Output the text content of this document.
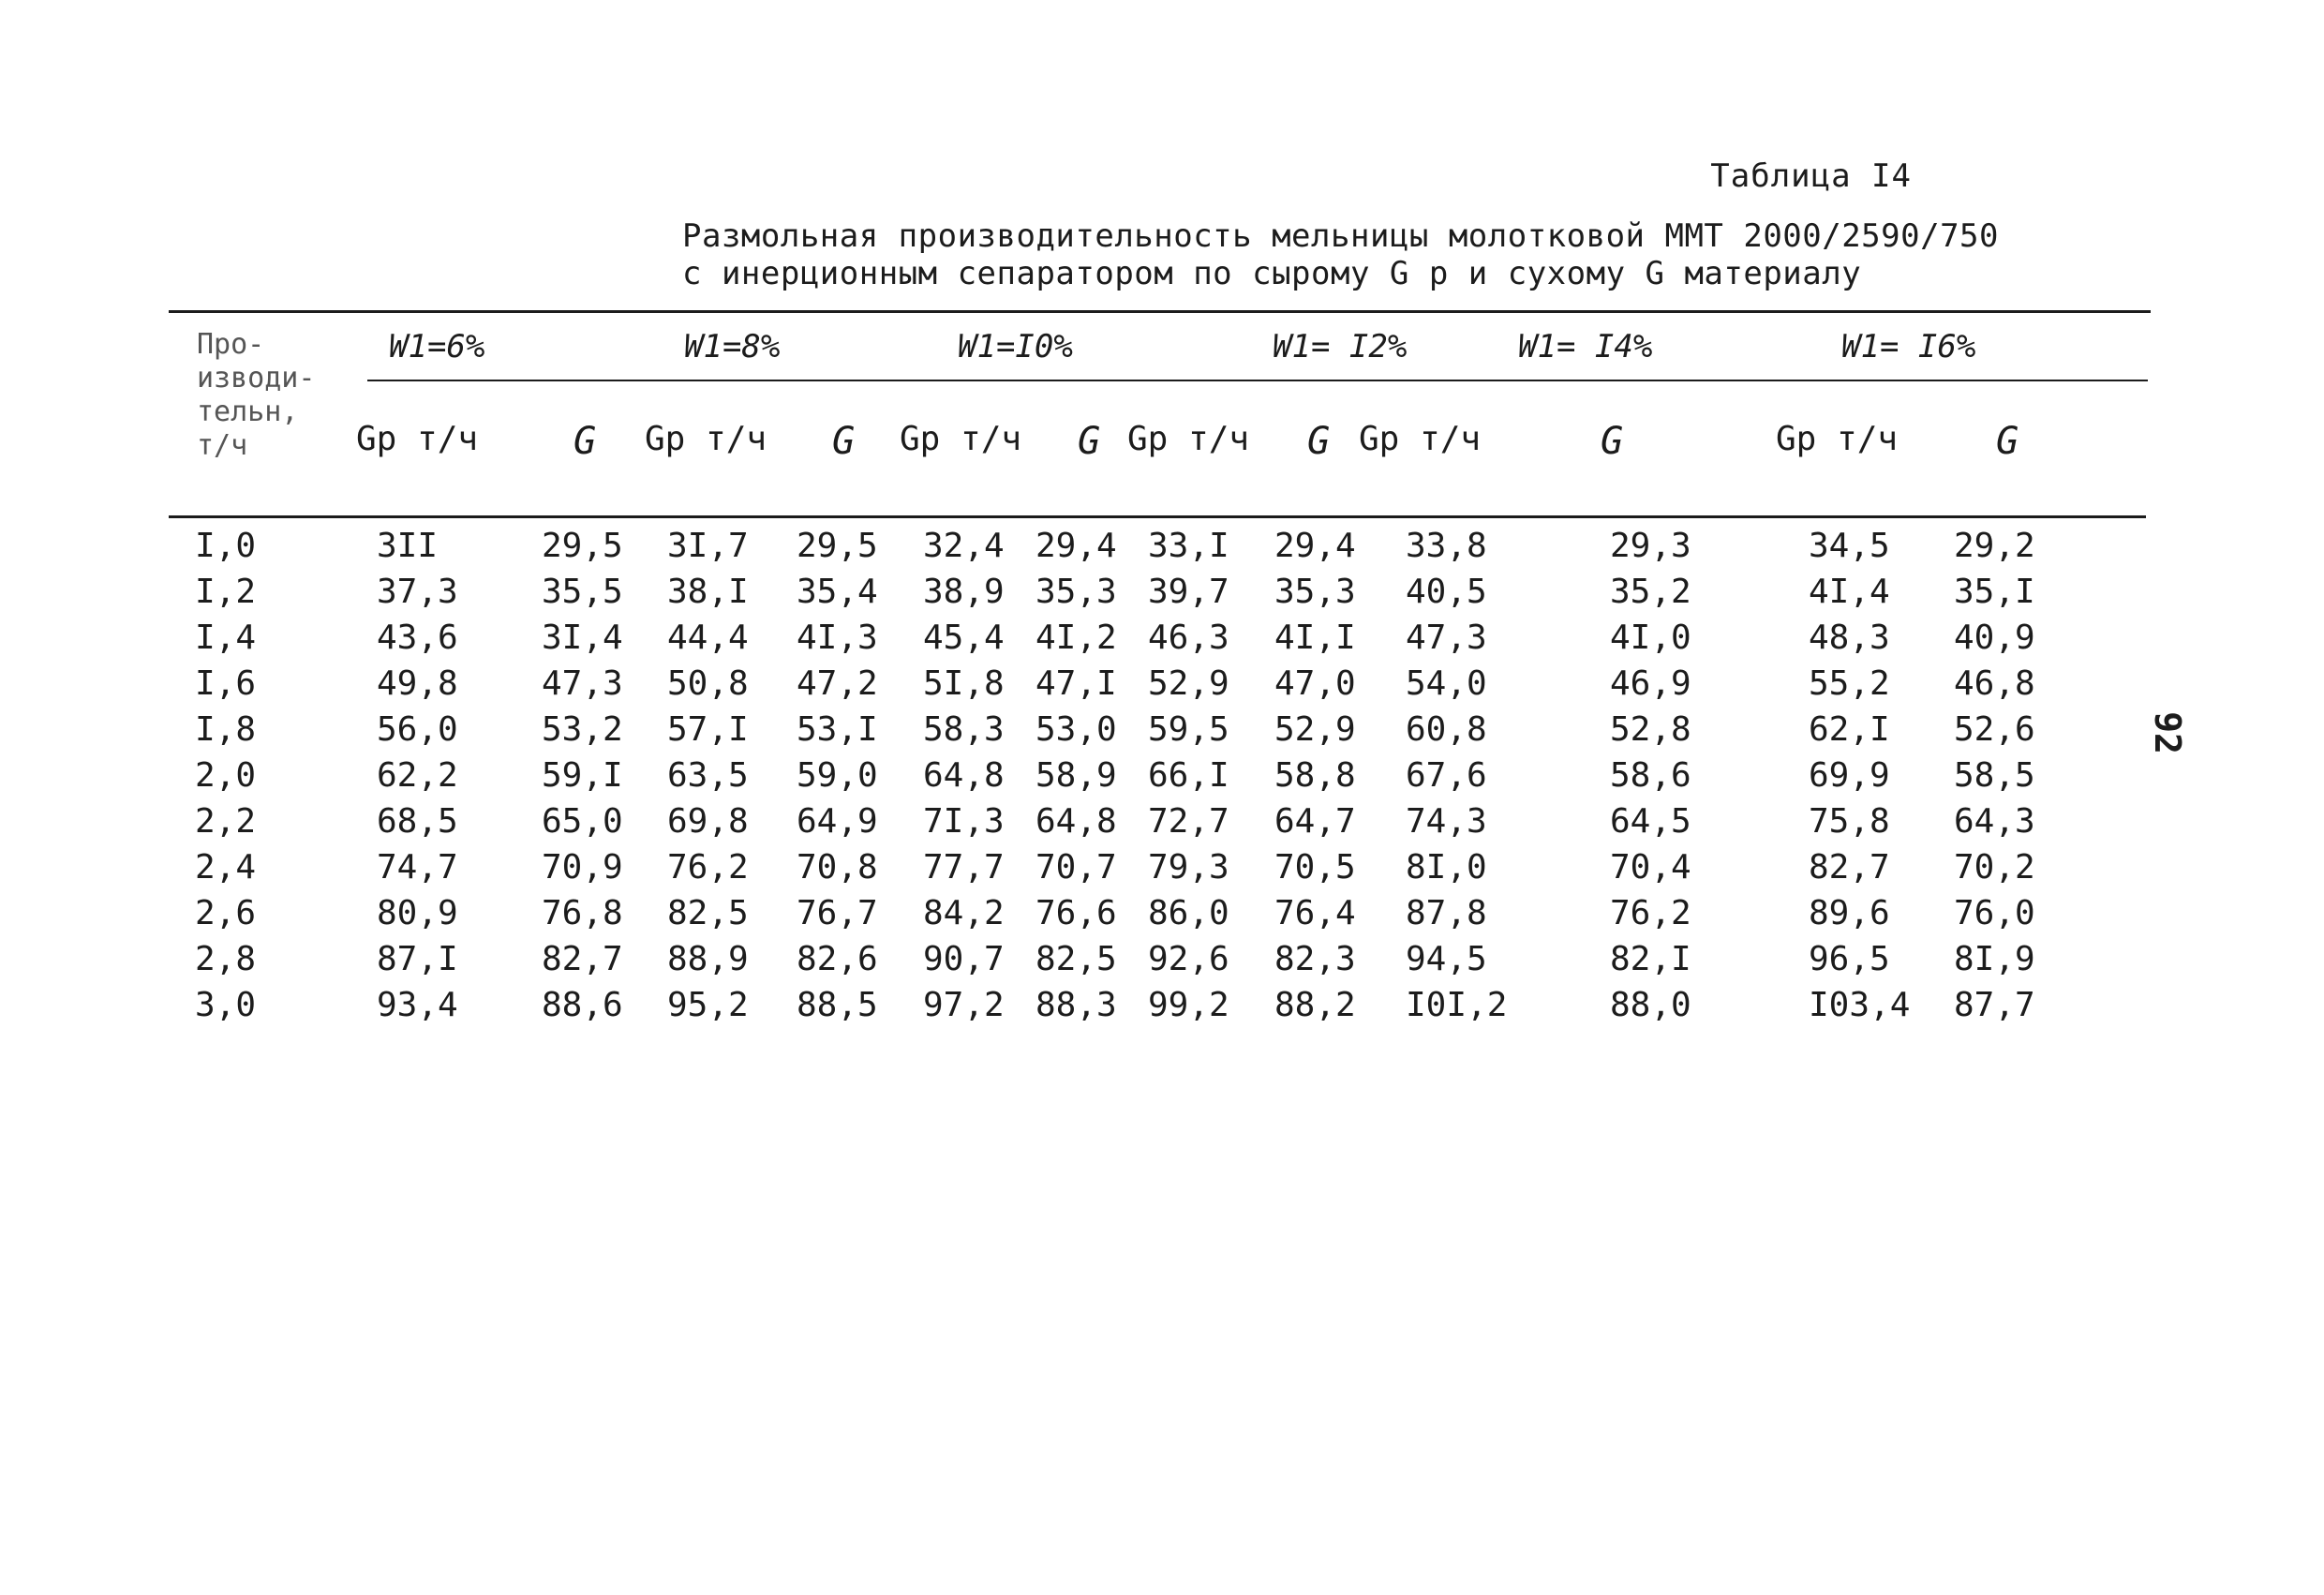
Таблица I4
Размольная производительность мельницы молотковой ММТ 2000/2590/750
с инерционным сепаратором по сырому G р и сухому G материалу
Про-
изводи-
тельн,
т/ч
W1=6%	W1=8%	W1=I0%	W1= I2%	W1= I4%	W1= I6%
Gр т/ч	G Gр т/ч G Gр т/ч G Gр т/ч G Gр т/ч	G	Gр т/ч	G
I,0	3II	29,5 3I,7 29,5 32,4 29,4 33,I 29,4 33,8	29,3	34,5 29,2
I,2	37,3 35,5 38,I 35,4 38,9 35,3 39,7 35,3 40,5	35,2	4I,4 35,I
I,4	43,6 3I,4 44,4 4I,3 45,4 4I,2 46,3 4I,I 47,3	4I,0	48,3 40,9
I,6	49,8 47,3 50,8 47,2 5I,8 47,I 52,9 47,0 54,0	46,9	55,2 46,8
I,8	56,0 53,2 57,I 53,I 58,3 53,0 59,5 52,9 60,8	52,8	62,I 52,6
2,0	62,2 59,I 63,5 59,0 64,8 58,9 66,I 58,8 67,6	58,6	69,9 58,5
2,2	68,5 65,0 69,8 64,9 7I,3 64,8 72,7 64,7 74,3	64,5	75,8 64,3
2,4	74,7 70,9 76,2 70,8 77,7 70,7 79,3 70,5 8I,0	70,4	82,7 70,2
2,6	80,9 76,8 82,5 76,7 84,2 76,6 86,0 76,4 87,8	76,2	89,6 76,0
2,8	87,I 82,7 88,9 82,6 90,7 82,5 92,6 82,3 94,5	82,I	96,5 8I,9
3,0	93,4 88,6 95,2 88,5 97,2 88,3 99,2 88,2 I0I,2	88,0	I03,4 87,7
92
